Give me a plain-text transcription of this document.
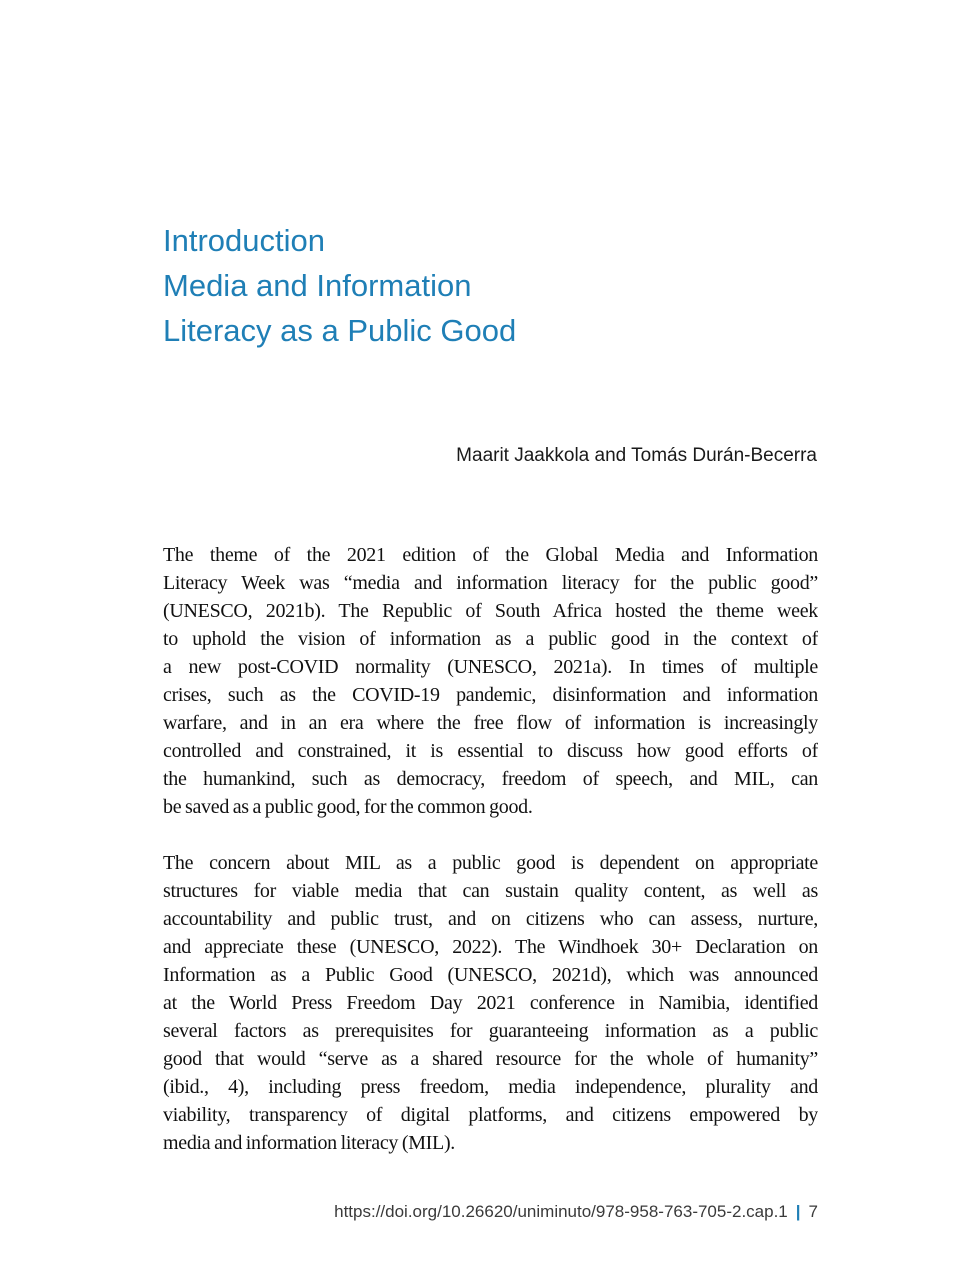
Introduction
Media and Information
Literacy as a Public Good
Maarit Jaakkola and Tomás Durán-Becerra

The theme of the 2021 edition of the Global Media and Information
Literacy Week was “media and information literacy for the public good”
(UNESCO, 2021b). The Republic of South Africa hosted the theme week
to uphold the vision of information as a public good in the context of
a new post-COVID normality (UNESCO, 2021a). In times of multiple
crises, such as the COVID-19 pandemic, disinformation and information
warfare, and in an era where the free flow of information is increasingly
controlled and constrained, it is essential to discuss how good efforts of
the humankind, such as democracy, freedom of speech, and MIL, can
be saved as a public good, for the common good.

The concern about MIL as a public good is dependent on appropriate
structures for viable media that can sustain quality content, as well as
accountability and public trust, and on citizens who can assess, nurture,
and appreciate these (UNESCO, 2022). The Windhoek 30+ Declaration on
Information as a Public Good (UNESCO, 2021d), which was announced
at the World Press Freedom Day 2021 conference in Namibia, identified
several factors as prerequisites for guaranteeing information as a public
good that would “serve as a shared resource for the whole of humanity”
(ibid., 4), including press freedom, media independence, plurality and
viability, transparency of digital platforms, and citizens empowered by
media and information literacy (MIL).

https://doi.org/10.26620/uniminuto/978-958-763-705-2.cap.1 | 7
